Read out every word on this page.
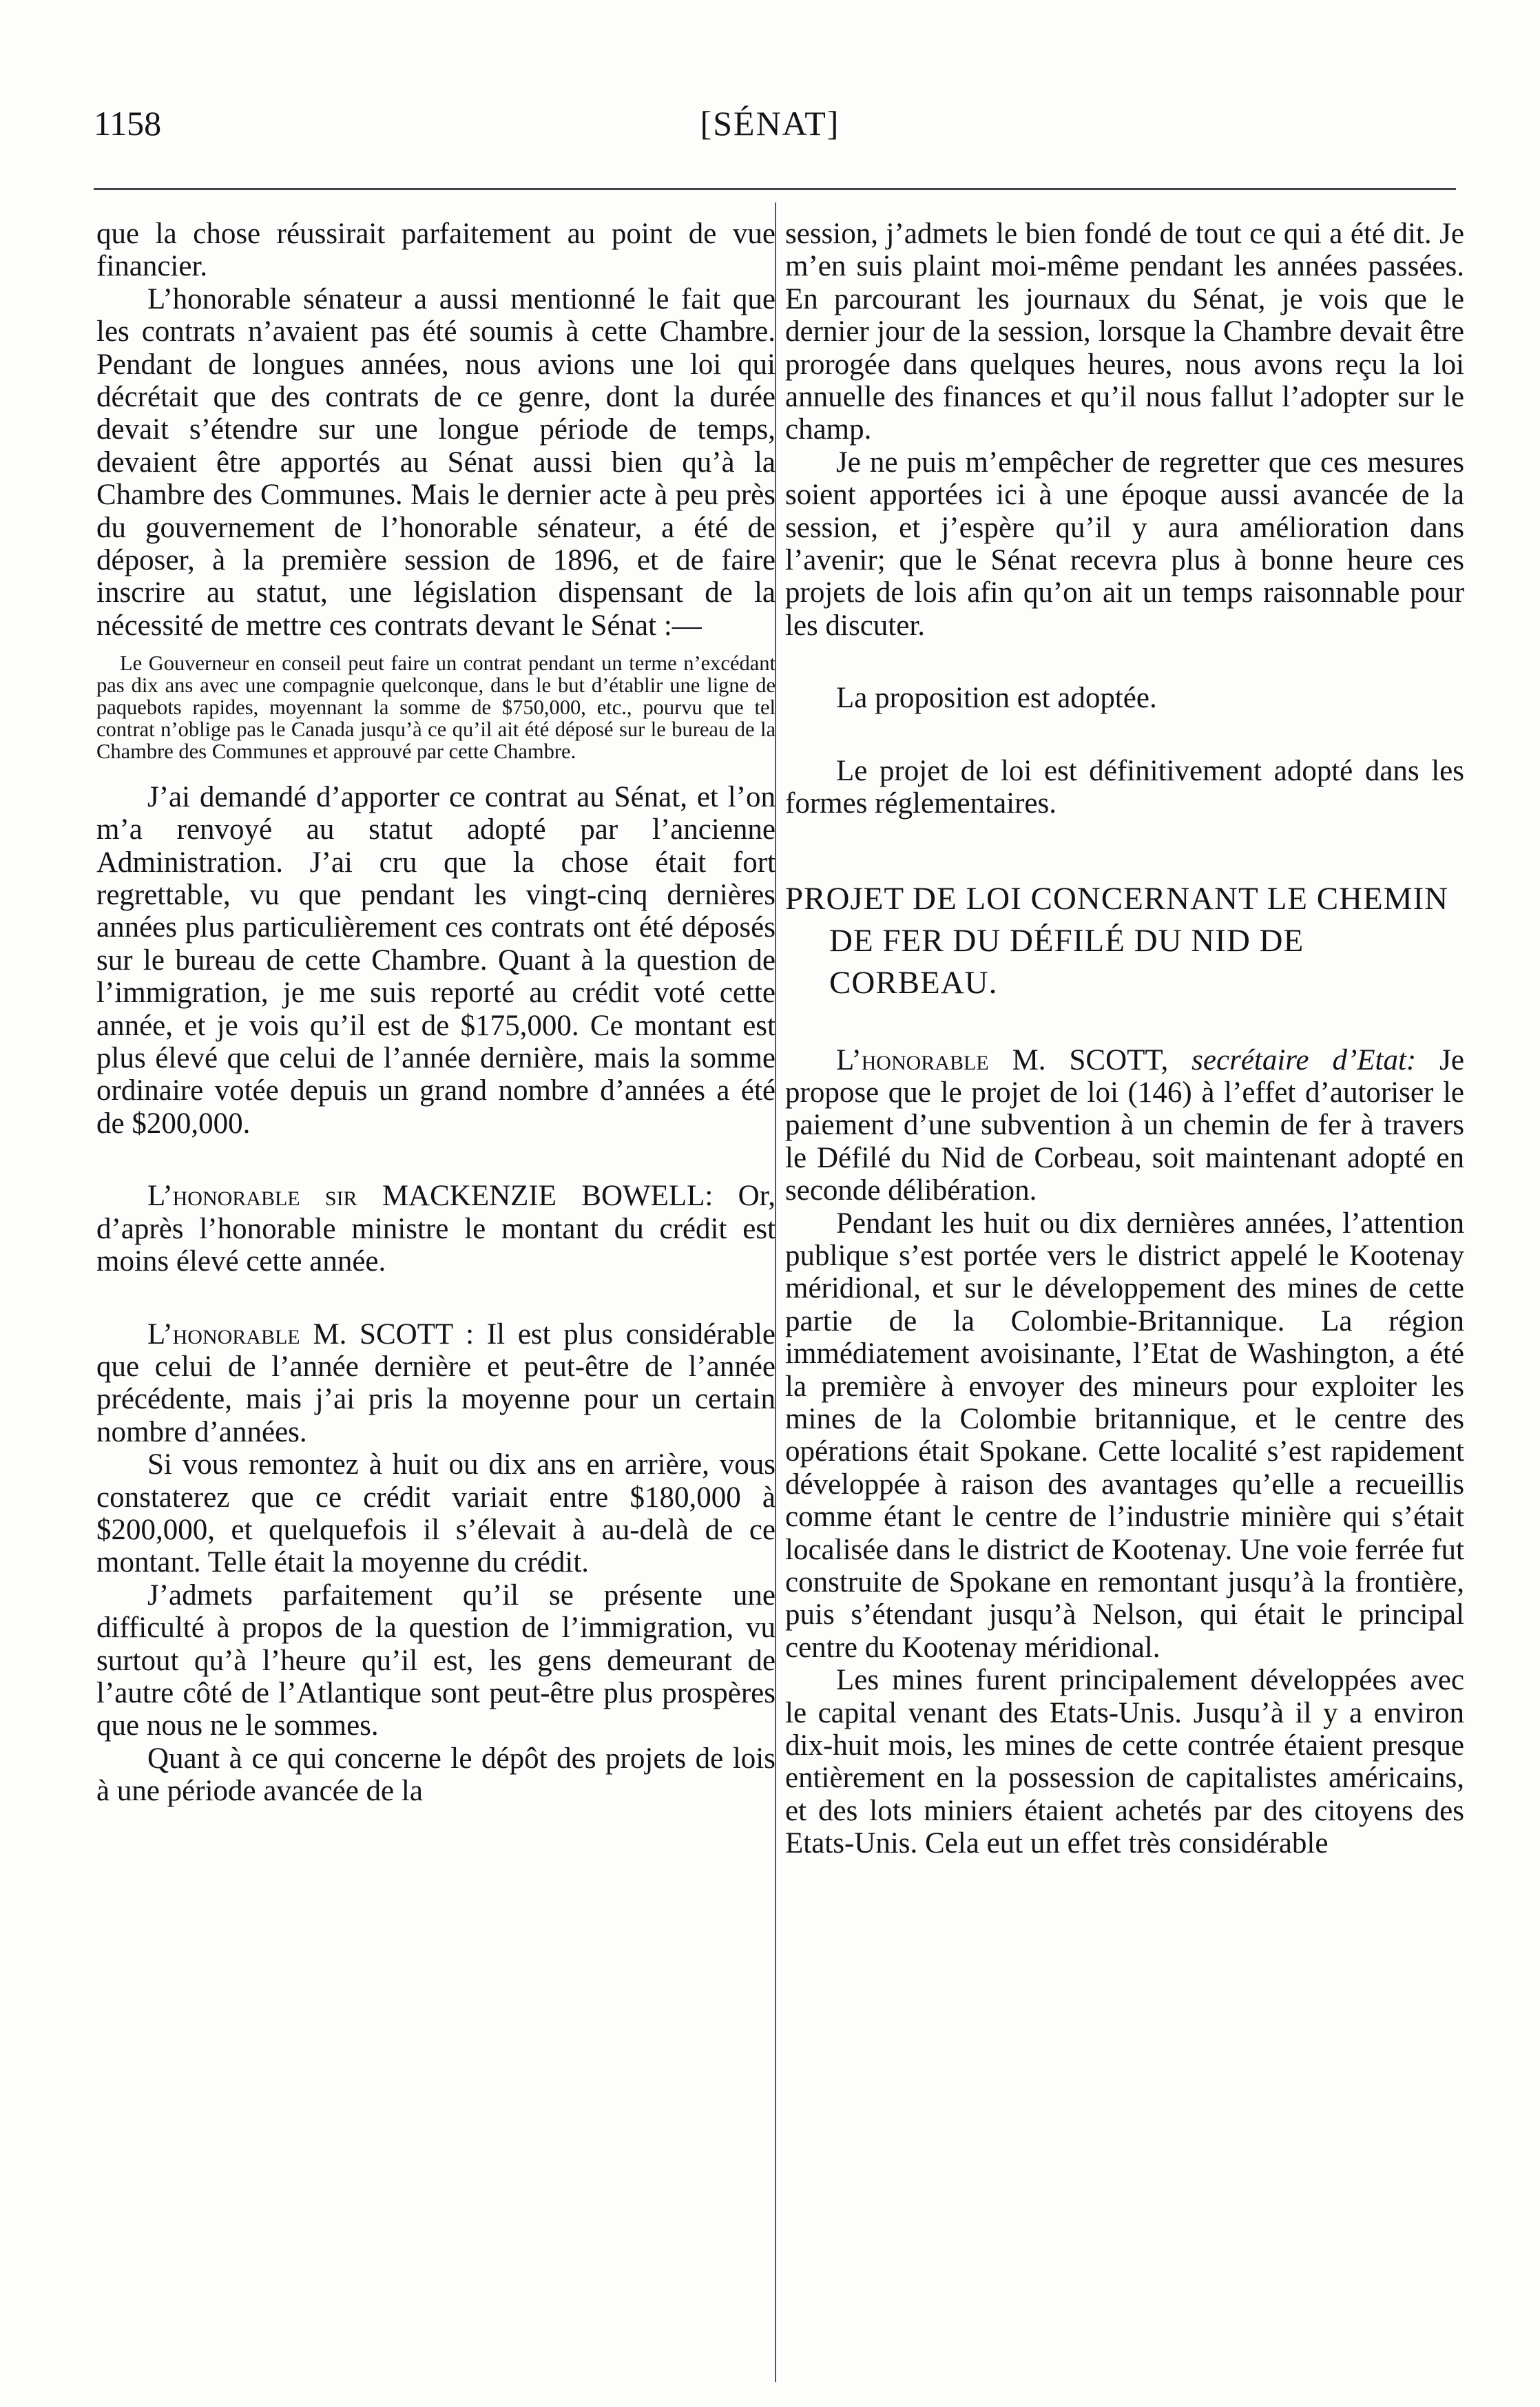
1158	[SÉNAT]

que la chose réussirait parfaitement au point de vue financier.

L’honorable sénateur a aussi mentionné le fait que les contrats n’avaient pas été soumis à cette Chambre. Pendant de longues années, nous avions une loi qui décrétait que des contrats de ce genre, dont la durée devait s’étendre sur une longue période de temps, devaient être apportés au Sénat aussi bien qu’à la Chambre des Communes. Mais le dernier acte à peu près du gouvernement de l’honorable sénateur, a été de déposer, à la première session de 1896, et de faire inscrire au statut, une législation dispensant de la nécessité de mettre ces contrats devant le Sénat :—

Le Gouverneur en conseil peut faire un contrat pendant un terme n’excédant pas dix ans avec une compagnie quelconque, dans le but d’établir une ligne de paquebots rapides, moyennant la somme de $750,000, etc., pourvu que tel contrat n’oblige pas le Canada jusqu’à ce qu’il ait été déposé sur le bureau de la Chambre des Communes et approuvé par cette Chambre.

J’ai demandé d’apporter ce contrat au Sénat, et l’on m’a renvoyé au statut adopté par l’ancienne Administration. J’ai cru que la chose était fort regrettable, vu que pendant les vingt-cinq dernières années plus particulièrement ces contrats ont été déposés sur le bureau de cette Chambre. Quant à la question de l’immigration, je me suis reporté au crédit voté cette année, et je vois qu’il est de $175,000. Ce montant est plus élevé que celui de l’année dernière, mais la somme ordinaire votée depuis un grand nombre d’années a été de $200,000.

L’honorable sir MACKENZIE BOWELL: Or, d’après l’honorable ministre le montant du crédit est moins élevé cette année.

L’honorable M. SCOTT : Il est plus considérable que celui de l’année dernière et peut-être de l’année précédente, mais j’ai pris la moyenne pour un certain nombre d’années.

Si vous remontez à huit ou dix ans en arrière, vous constaterez que ce crédit variait entre $180,000 à $200,000, et quelquefois il s’élevait à au-delà de ce montant. Telle était la moyenne du crédit.

J’admets parfaitement qu’il se présente une difficulté à propos de la question de l’immigration, vu surtout qu’à l’heure qu’il est, les gens demeurant de l’autre côté de l’Atlantique sont peut-être plus prospères que nous ne le sommes.

Quant à ce qui concerne le dépôt des projets de lois à une période avancée de la

session, j’admets le bien fondé de tout ce qui a été dit. Je m’en suis plaint moi-même pendant les années passées. En parcourant les journaux du Sénat, je vois que le dernier jour de la session, lorsque la Chambre devait être prorogée dans quelques heures, nous avons reçu la loi annuelle des finances et qu’il nous fallut l’adopter sur le champ.

Je ne puis m’empêcher de regretter que ces mesures soient apportées ici à une époque aussi avancée de la session, et j’espère qu’il y aura amélioration dans l’avenir; que le Sénat recevra plus à bonne heure ces projets de lois afin qu’on ait un temps raisonnable pour les discuter.

La proposition est adoptée.

Le projet de loi est définitivement adopté dans les formes réglementaires.

PROJET DE LOI CONCERNANT LE CHEMIN DE FER DU DÉFILÉ DU NID DE CORBEAU.

L’honorable M. SCOTT, secrétaire d’Etat: Je propose que le projet de loi (146) à l’effet d’autoriser le paiement d’une subvention à un chemin de fer à travers le Défilé du Nid de Corbeau, soit maintenant adopté en seconde délibération.

Pendant les huit ou dix dernières années, l’attention publique s’est portée vers le district appelé le Kootenay méridional, et sur le développement des mines de cette partie de la Colombie-Britannique. La région immédiatement avoisinante, l’Etat de Washington, a été la première à envoyer des mineurs pour exploiter les mines de la Colombie britannique, et le centre des opérations était Spokane. Cette localité s’est rapidement développée à raison des avantages qu’elle a recueillis comme étant le centre de l’industrie minière qui s’était localisée dans le district de Kootenay. Une voie ferrée fut construite de Spokane en remontant jusqu’à la frontière, puis s’étendant jusqu’à Nelson, qui était le principal centre du Kootenay méridional.

Les mines furent principalement développées avec le capital venant des Etats-Unis. Jusqu’à il y a environ dix-huit mois, les mines de cette contrée étaient presque entièrement en la possession de capitalistes américains, et des lots miniers étaient achetés par des citoyens des Etats-Unis. Cela eut un effet très considérable
